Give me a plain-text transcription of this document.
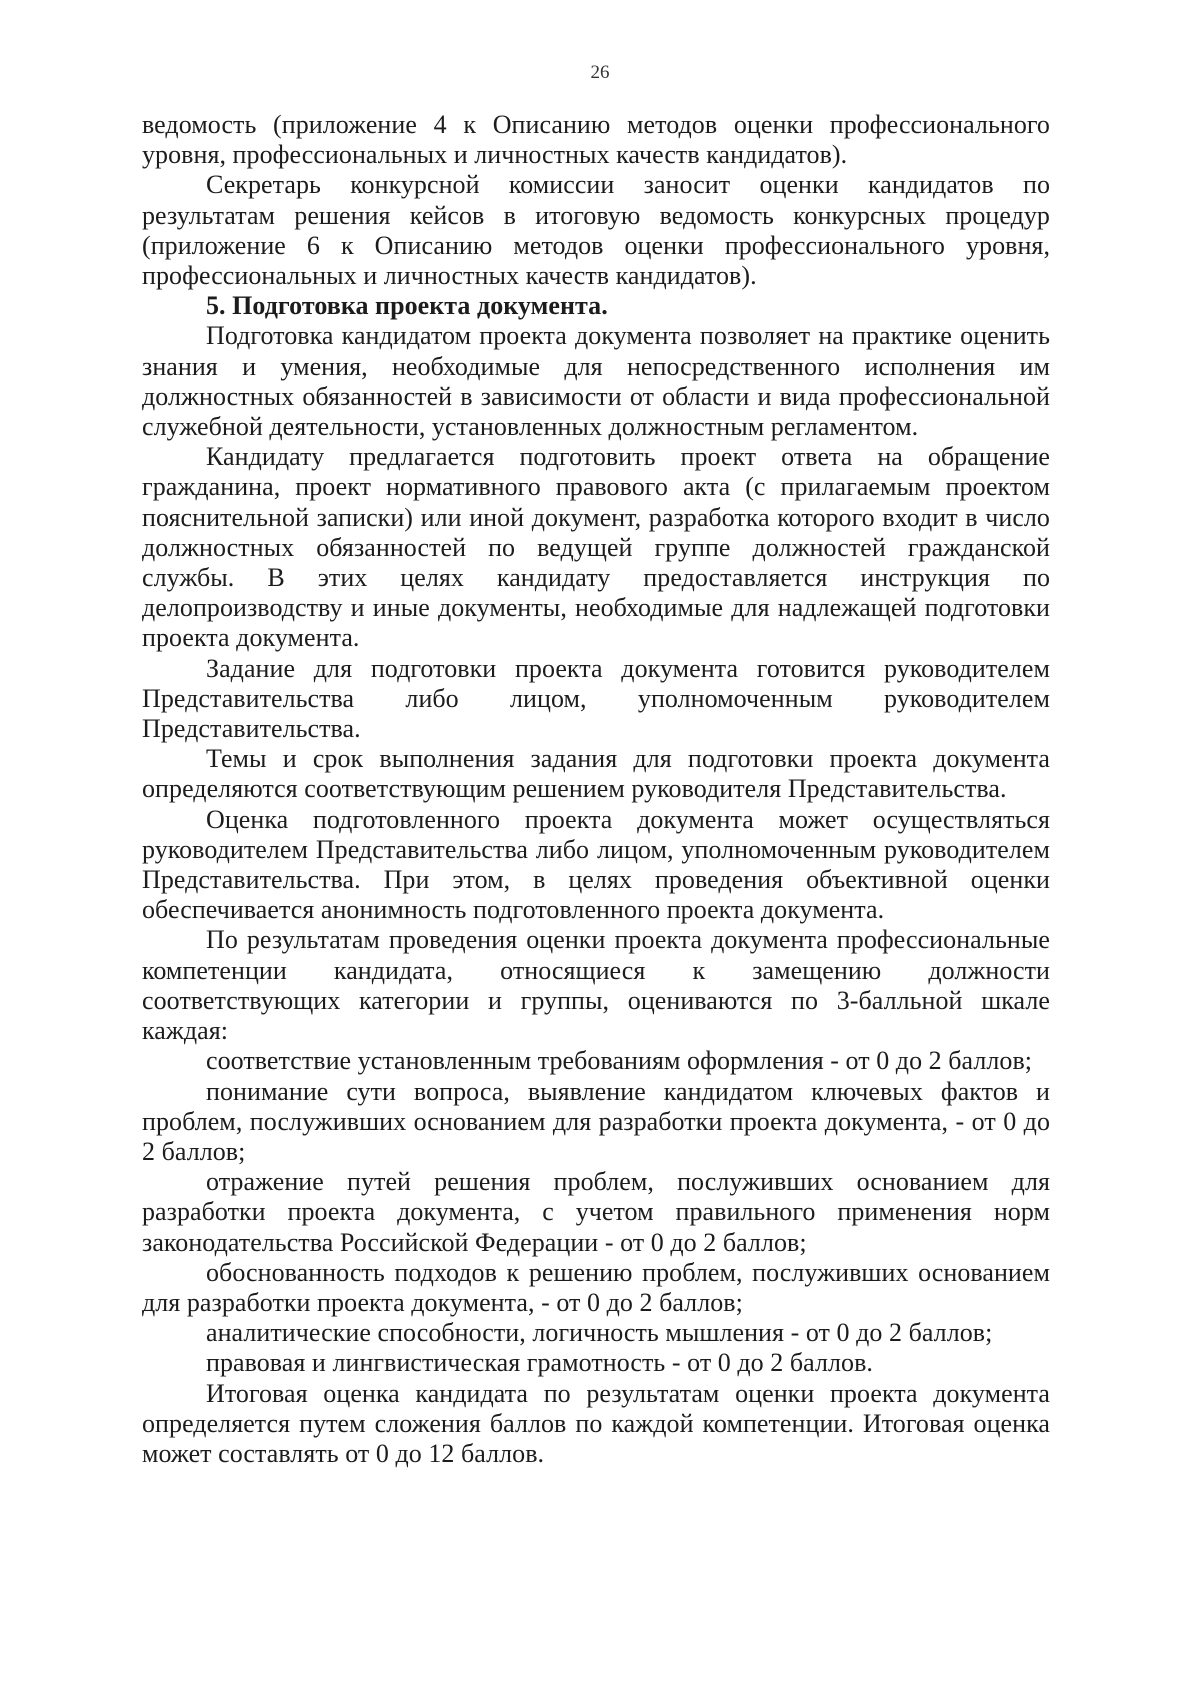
26

ведомость (приложение 4 к Описанию методов оценки профессионального уровня, профессиональных и личностных качеств кандидатов).

Секретарь конкурсной комиссии заносит оценки кандидатов по результатам решения кейсов в итоговую ведомость конкурсных процедур (приложение 6 к Описанию методов оценки профессионального уровня, профессиональных и личностных качеств кандидатов).

5. Подготовка проекта документа.

Подготовка кандидатом проекта документа позволяет на практике оценить знания и умения, необходимые для непосредственного исполнения им должностных обязанностей в зависимости от области и вида профессиональной служебной деятельности, установленных должностным регламентом.

Кандидату предлагается подготовить проект ответа на обращение гражданина, проект нормативного правового акта (с прилагаемым проектом пояснительной записки) или иной документ, разработка которого входит в число должностных обязанностей по ведущей группе должностей гражданской службы. В этих целях кандидату предоставляется инструкция по делопроизводству и иные документы, необходимые для надлежащей подготовки проекта документа.

Задание для подготовки проекта документа готовится руководителем Представительства либо лицом, уполномоченным руководителем Представительства.

Темы и срок выполнения задания для подготовки проекта документа определяются соответствующим решением руководителя Представительства.

Оценка подготовленного проекта документа может осуществляться руководителем Представительства либо лицом, уполномоченным руководителем Представительства. При этом, в целях проведения объективной оценки обеспечивается анонимность подготовленного проекта документа.

По результатам проведения оценки проекта документа профессиональные компетенции кандидата, относящиеся к замещению должности соответствующих категории и группы, оцениваются по 3-балльной шкале каждая:

соответствие установленным требованиям оформления - от 0 до 2 баллов;

понимание сути вопроса, выявление кандидатом ключевых фактов и проблем, послуживших основанием для разработки проекта документа, - от 0 до 2 баллов;

отражение путей решения проблем, послуживших основанием для разработки проекта документа, с учетом правильного применения норм законодательства Российской Федерации - от 0 до 2 баллов;

обоснованность подходов к решению проблем, послуживших основанием для разработки проекта документа, - от 0 до 2 баллов;

аналитические способности, логичность мышления - от 0 до 2 баллов;

правовая и лингвистическая грамотность - от 0 до 2 баллов.

Итоговая оценка кандидата по результатам оценки проекта документа определяется путем сложения баллов по каждой компетенции. Итоговая оценка может составлять от 0 до 12 баллов.
